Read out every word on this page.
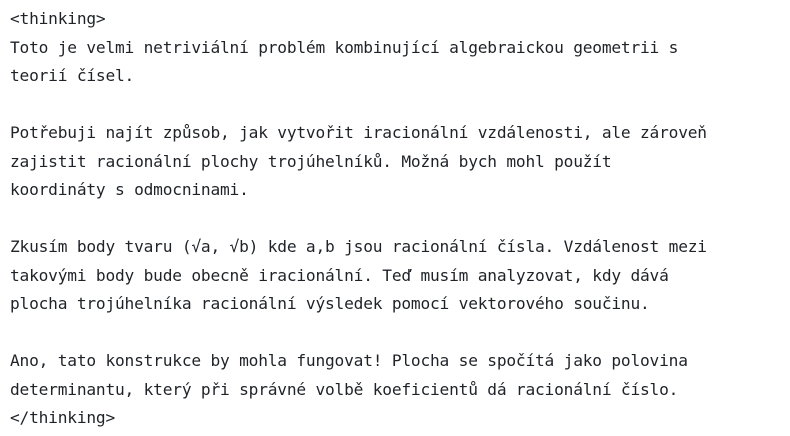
<thinking>
Toto je velmi netriviální problém kombinující algebraickou geometrii s
teorií čísel.
Potřebuji najít způsob, jak vytvořit iracionální vzdálenosti, ale zároveň
zajistit racionální plochy trojúhelníků. Možná bych mohl použít
koordináty s odmocninami.
Zkusím body tvaru (√a, √b) kde a,b jsou racionální čísla. Vzdálenost mezi
takovými body bude obecně iracionální. Teď musím analyzovat, kdy dává
plocha trojúhelníka racionální výsledek pomocí vektorového součinu.
Ano, tato konstrukce by mohla fungovat! Plocha se spočítá jako polovina
determinantu, který při správné volbě koeficientů dá racionální číslo.
</thinking>
